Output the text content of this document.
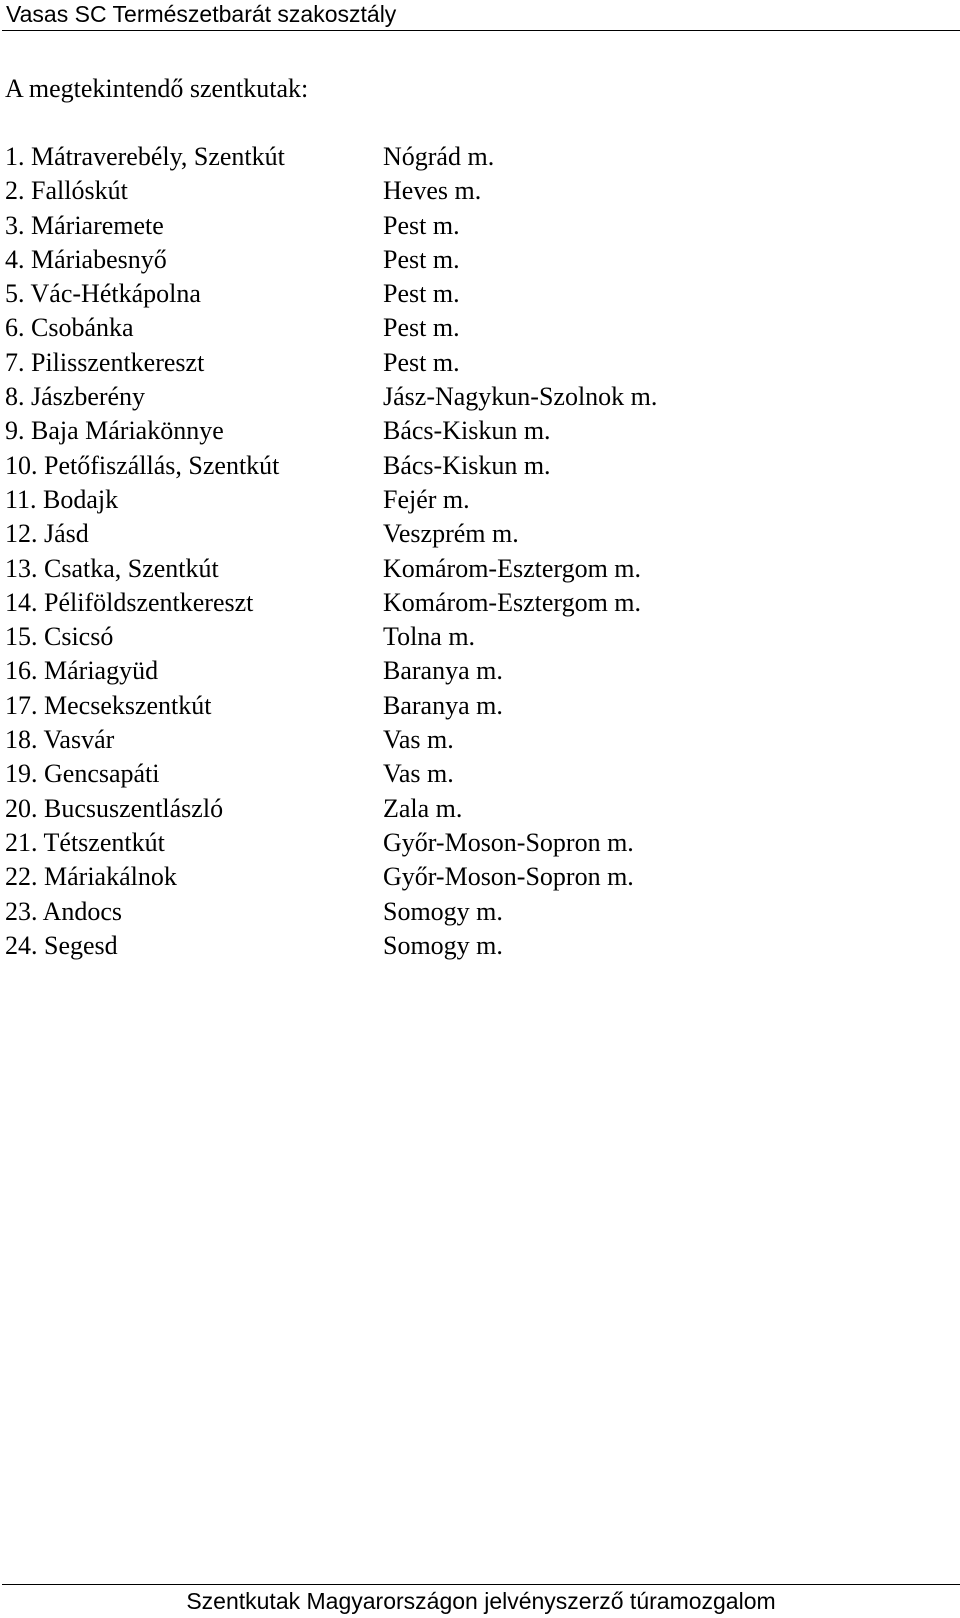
Vasas SC Természetbarát szakosztály
A megtekintendő szentkutak:
1. Mátraverebély, Szentkút	Nógrád m.
2. Fallóskút	Heves m.
3. Máriaremete	Pest m.
4. Máriabesnyő	Pest m.
5. Vác-Hétkápolna	Pest m.
6. Csobánka	Pest m.
7. Pilisszentkereszt	Pest m.
8. Jászberény	Jász-Nagykun-Szolnok m.
9. Baja Máriakönnye	Bács-Kiskun m.
10. Petőfiszállás, Szentkút	Bács-Kiskun m.
11. Bodajk	Fejér m.
12. Jásd	Veszprém m.
13. Csatka, Szentkút	Komárom-Esztergom m.
14. Péliföldszentkereszt	Komárom-Esztergom m.
15. Csicsó	Tolna m.
16. Máriagyüd	Baranya m.
17. Mecsekszentkút	Baranya m.
18. Vasvár	Vas m.
19. Gencsapáti	Vas m.
20. Bucsuszentlászló	Zala m.
21. Tétszentkút	Győr-Moson-Sopron m.
22. Máriakálnok	Győr-Moson-Sopron m.
23. Andocs	Somogy m.
24. Segesd	Somogy m.
Szentkutak Magyarországon jelvényszerző túramozgalom
